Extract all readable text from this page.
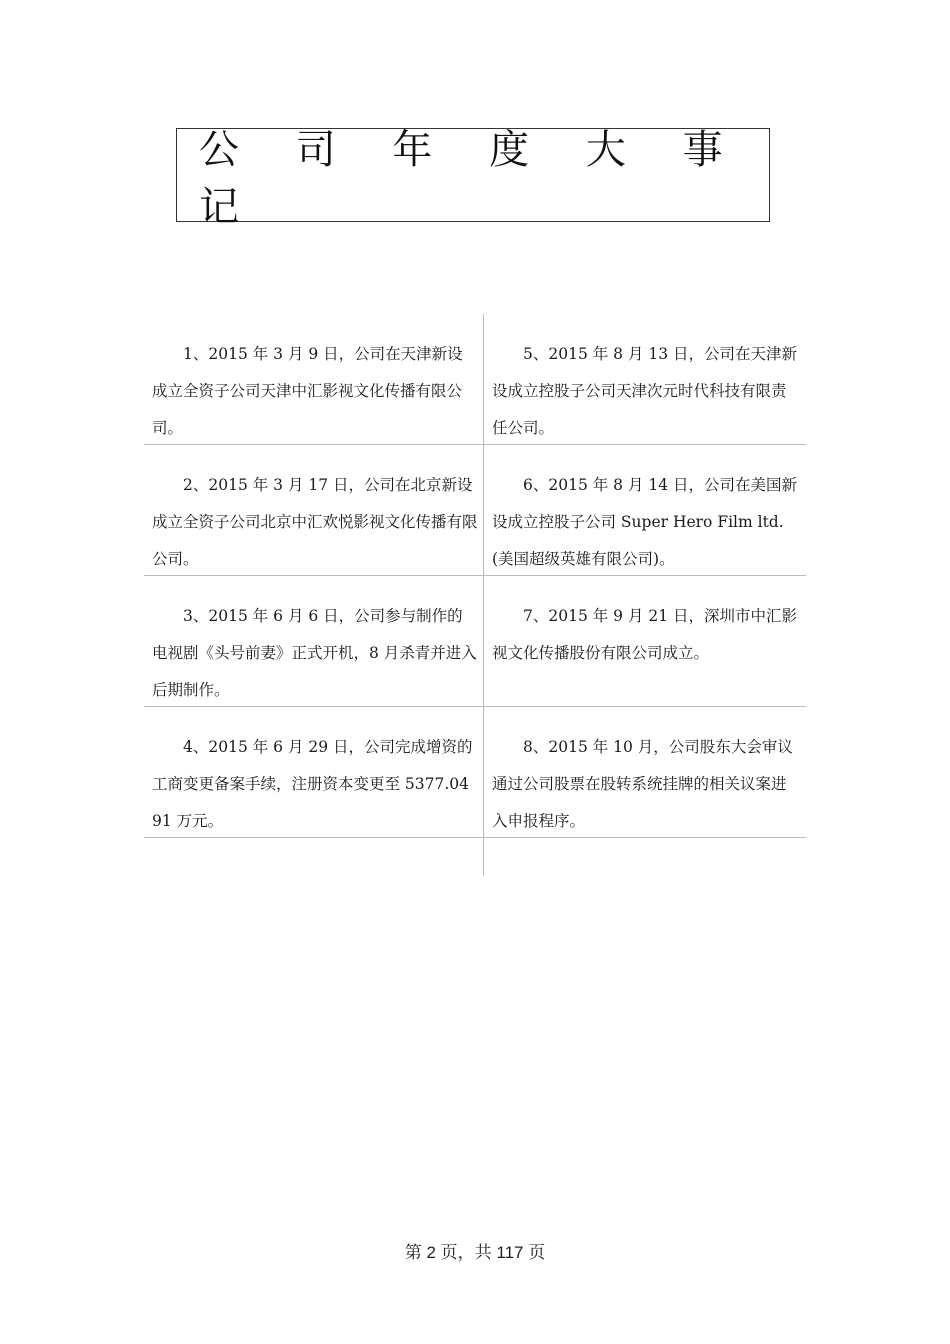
公 司 年 度 大 事 记
1、2015 年 3 月 9 日，公司在天津新设成立全资子公司天津中汇影视文化传播有限公司。
5、2015 年 8 月 13 日，公司在天津新设成立控股子公司天津次元时代科技有限责任公司。
2、2015 年 3 月 17 日，公司在北京新设成立全资子公司北京中汇欢悦影视文化传播有限公司。
6、2015 年 8 月 14 日，公司在美国新设成立控股子公司 Super Hero Film ltd.(美国超级英雄有限公司)。
3、2015 年 6 月 6 日，公司参与制作的电视剧《头号前妻》正式开机，8 月杀青并进入后期制作。
7、2015 年 9 月 21 日，深圳市中汇影视文化传播股份有限公司成立。
4、2015 年 6 月 29 日，公司完成增资的工商变更备案手续，注册资本变更至 5377.0491 万元。
8、2015 年 10 月，公司股东大会审议通过公司股票在股转系统挂牌的相关议案进入申报程序。
第 2 页，共 117 页
